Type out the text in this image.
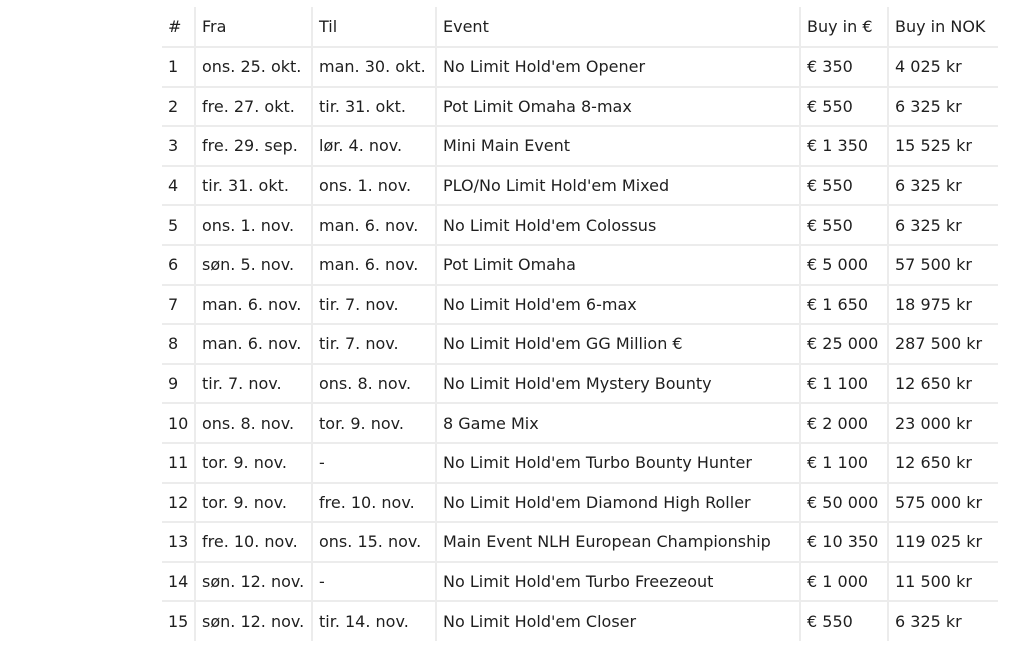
#	Fra	Til	Event	Buy in €	Buy in NOK
1	ons. 25. okt.	man. 30. okt.	No Limit Hold'em Opener	€ 350	4 025 kr
2	fre. 27. okt.	tir. 31. okt.	Pot Limit Omaha 8-max	€ 550	6 325 kr
3	fre. 29. sep.	lør. 4. nov.	Mini Main Event	€ 1 350	15 525 kr
4	tir. 31. okt.	ons. 1. nov.	PLO/No Limit Hold'em Mixed	€ 550	6 325 kr
5	ons. 1. nov.	man. 6. nov.	No Limit Hold'em Colossus	€ 550	6 325 kr
6	søn. 5. nov.	man. 6. nov.	Pot Limit Omaha	€ 5 000	57 500 kr
7	man. 6. nov.	tir. 7. nov.	No Limit Hold'em 6-max	€ 1 650	18 975 kr
8	man. 6. nov.	tir. 7. nov.	No Limit Hold'em GG Million €	€ 25 000	287 500 kr
9	tir. 7. nov.	ons. 8. nov.	No Limit Hold'em Mystery Bounty	€ 1 100	12 650 kr
10	ons. 8. nov.	tor. 9. nov.	8 Game Mix	€ 2 000	23 000 kr
11	tor. 9. nov.	-	No Limit Hold'em Turbo Bounty Hunter	€ 1 100	12 650 kr
12	tor. 9. nov.	fre. 10. nov.	No Limit Hold'em Diamond High Roller	€ 50 000	575 000 kr
13	fre. 10. nov.	ons. 15. nov.	Main Event NLH European Championship	€ 10 350	119 025 kr
14	søn. 12. nov.	-	No Limit Hold'em Turbo Freezeout	€ 1 000	11 500 kr
15	søn. 12. nov.	tir. 14. nov.	No Limit Hold'em Closer	€ 550	6 325 kr
